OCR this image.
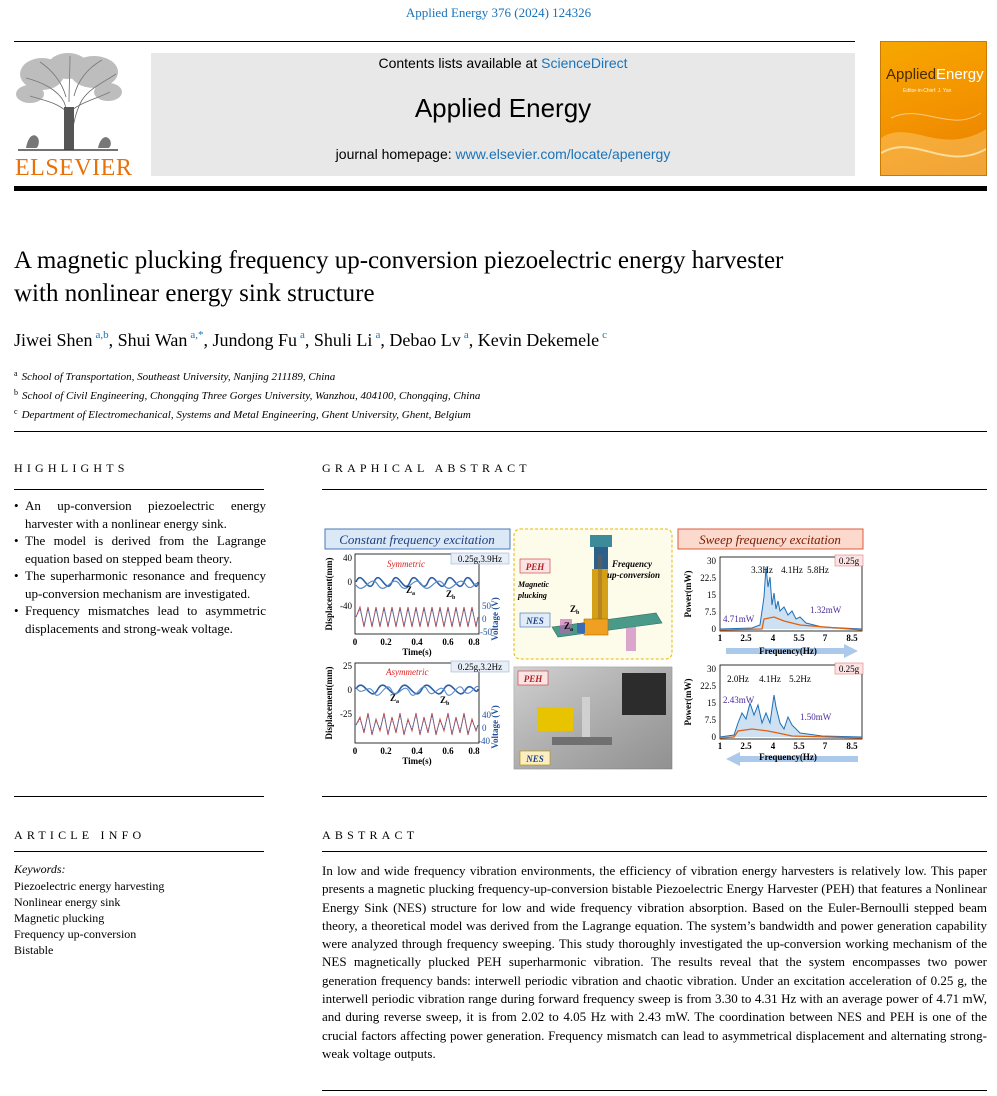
Applied Energy 376 (2024) 124326
ELSEVIER
Contents lists available at ScienceDirect
Applied Energy
journal homepage: www.elsevier.com/locate/apenergy
AppliedEnergy
Editor-in-Chief: J. Yan
A magnetic plucking frequency up-conversion piezoelectric energy harvester with nonlinear energy sink structure
Jiwei Shen $^{a,b}$, Shui Wan $^{a,*}$, Jundong Fu $^a$, Shuli Li $^a$, Debao Lv $^a$, Kevin Dekemele $^c$
$^a$ School of Transportation, Southeast University, Nanjing 211189, China
$^b$ School of Civil Engineering, Chongqing Three Gorges University, Wanzhou, 404100, Chongqing, China
$^c$ Department of Electromechanical, Systems and Metal Engineering, Ghent University, Ghent, Belgium
HIGHLIGHTS	GRAPHICAL ABSTRACT
• An up-conversion piezoelectric energy harvester with a nonlinear energy sink.
• The model is derived from the Lagrange equation based on stepped beam theory.
• The superharmonic resonance and frequency up-conversion mechanism are investigated.
• Frequency mismatches lead to asymmetric displacements and strong-weak voltage.
Constant frequency excitation
0.25g,3.9Hz
Symmetric
$Z_a$	$Z_b$
40
0
-40	50
0
-50
0	0.2 0.4 0.6 0.8
Time(s)
Displacement(mm)	Voltage (V)
0.25g,3.2Hz
Asymmetric
$Z_a$	$Z_b$
25
0
-25	40
0
-40
0	0.2 0.4 0.6 0.8
Time(s)
Displacement(mm)	Voltage (V)
PEH
Magnetic plucking
NES
Frequency up-conversion
$Z_b$
$Z_a$
PEH
NES
Sweep frequency excitation
0.25g
3.3Hz 4.1Hz 5.8Hz
4.71mW
1.32mW
30
22.5
15
7.5
0
1 2.5 4 5.5 7 8.5
Frequency(Hz)
Power(mW)
0.25g
2.0Hz 4.1Hz 5.2Hz
2.43mW
1.50mW
30
22.5
15
7.5
0
1 2.5 4 5.5 7 8.5
Frequency(Hz)
Power(mW)
ARTICLE INFO	ABSTRACT
Keywords:
Piezoelectric energy harvesting
Nonlinear energy sink
Magnetic plucking
Frequency up-conversion
Bistable

In low and wide frequency vibration environments, the efficiency of vibration energy harvesters is relatively low. This paper presents a magnetic plucking frequency-up-conversion bistable Piezoelectric Energy Harvester (PEH) that features a Nonlinear Energy Sink (NES) structure for low and wide frequency vibration absorption. Based on the Euler-Bernoulli stepped beam theory, a theoretical model was derived from the Lagrange equation. The system’s bandwidth and power generation capability were analyzed through frequency sweeping. This study thoroughly investigated the up-conversion working mechanism of the NES magnetically plucked PEH superharmonic vibration. The results reveal that the system encompasses two power generation frequency bands: interwell periodic vibration and chaotic vibration. Under an excitation acceleration of 0.25 g, the interwell periodic vibration range during forward frequency sweep is from 3.30 to 4.31 Hz with an average power of 4.71 mW, and during reverse sweep, it is from 2.02 to 4.05 Hz with 2.43 mW. The coordination between NES and PEH is one of the crucial factors affecting power generation. Frequency mismatch can lead to asymmetrical displacement and alternating strong-weak voltage outputs.
